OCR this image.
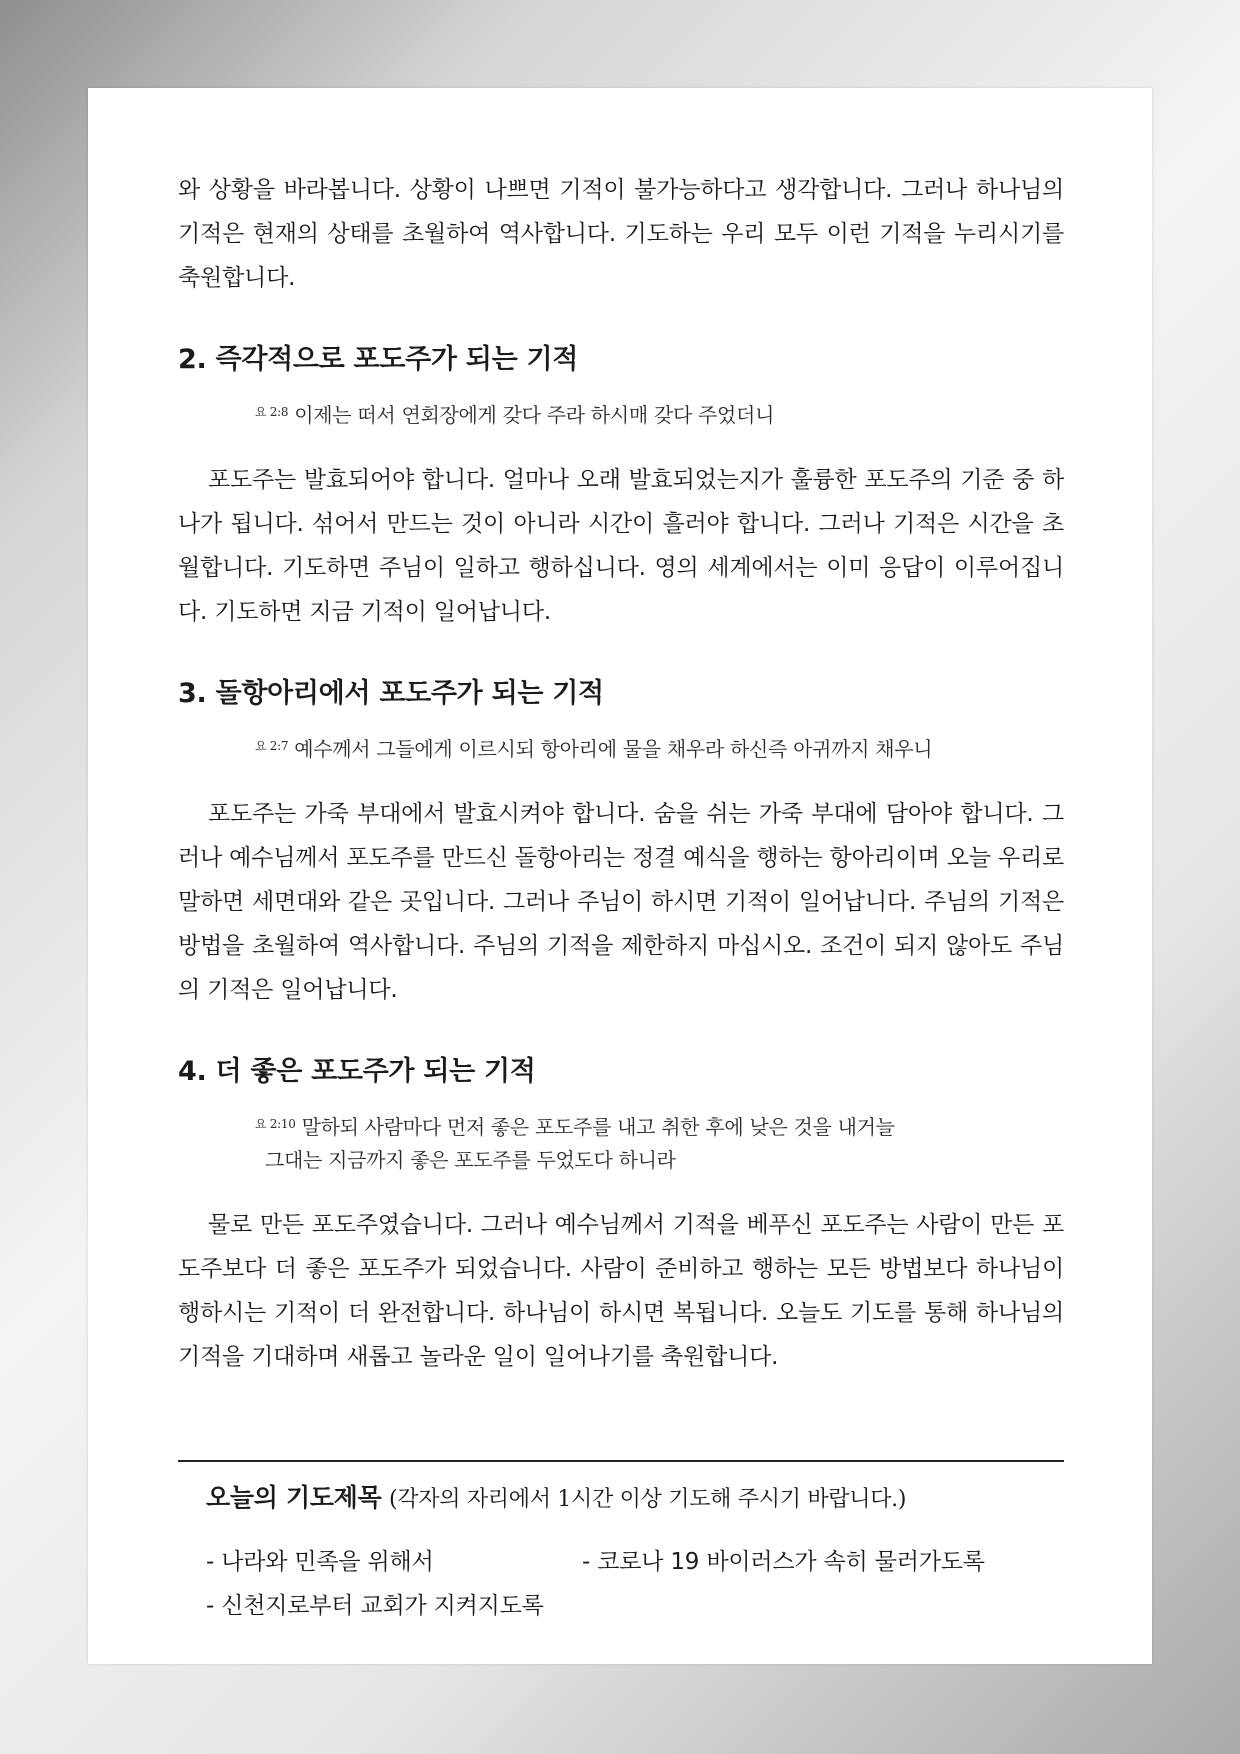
와 상황을 바라봅니다. 상황이 나쁘면 기적이 불가능하다고 생각합니다. 그러나 하나님의 기적은 현재의 상태를 초월하여 역사합니다. 기도하는 우리 모두 이런 기적을 누리시기를 축원합니다.

2. 즉각적으로 포도주가 되는 기적

$^{요 2:8}$ 이제는 떠서 연회장에게 갖다 주라 하시매 갖다 주었더니

포도주는 발효되어야 합니다. 얼마나 오래 발효되었는지가 훌륭한 포도주의 기준 중 하나가 됩니다. 섞어서 만드는 것이 아니라 시간이 흘러야 합니다. 그러나 기적은 시간을 초월합니다. 기도하면 주님이 일하고 행하십니다. 영의 세계에서는 이미 응답이 이루어집니다. 기도하면 지금 기적이 일어납니다.

3. 돌항아리에서 포도주가 되는 기적

$^{요 2:7}$ 예수께서 그들에게 이르시되 항아리에 물을 채우라 하신즉 아귀까지 채우니

포도주는 가죽 부대에서 발효시켜야 합니다. 숨을 쉬는 가죽 부대에 담아야 합니다. 그러나 예수님께서 포도주를 만드신 돌항아리는 정결 예식을 행하는 항아리이며 오늘 우리로 말하면 세면대와 같은 곳입니다. 그러나 주님이 하시면 기적이 일어납니다. 주님의 기적은 방법을 초월하여 역사합니다. 주님의 기적을 제한하지 마십시오. 조건이 되지 않아도 주님의 기적은 일어납니다.

4. 더 좋은 포도주가 되는 기적

$^{요 2:10}$ 말하되 사람마다 먼저 좋은 포도주를 내고 취한 후에 낮은 것을 내거늘
그대는 지금까지 좋은 포도주를 두었도다 하니라

물로 만든 포도주였습니다. 그러나 예수님께서 기적을 베푸신 포도주는 사람이 만든 포도주보다 더 좋은 포도주가 되었습니다. 사람이 준비하고 행하는 모든 방법보다 하나님이 행하시는 기적이 더 완전합니다. 하나님이 하시면 복됩니다. 오늘도 기도를 통해 하나님의 기적을 기대하며 새롭고 놀라운 일이 일어나기를 축원합니다.

오늘의 기도제목 (각자의 자리에서 1시간 이상 기도해 주시기 바랍니다.)

- 나라와 민족을 위해서	- 코로나 19 바이러스가 속히 물러가도록
- 신천지로부터 교회가 지켜지도록
